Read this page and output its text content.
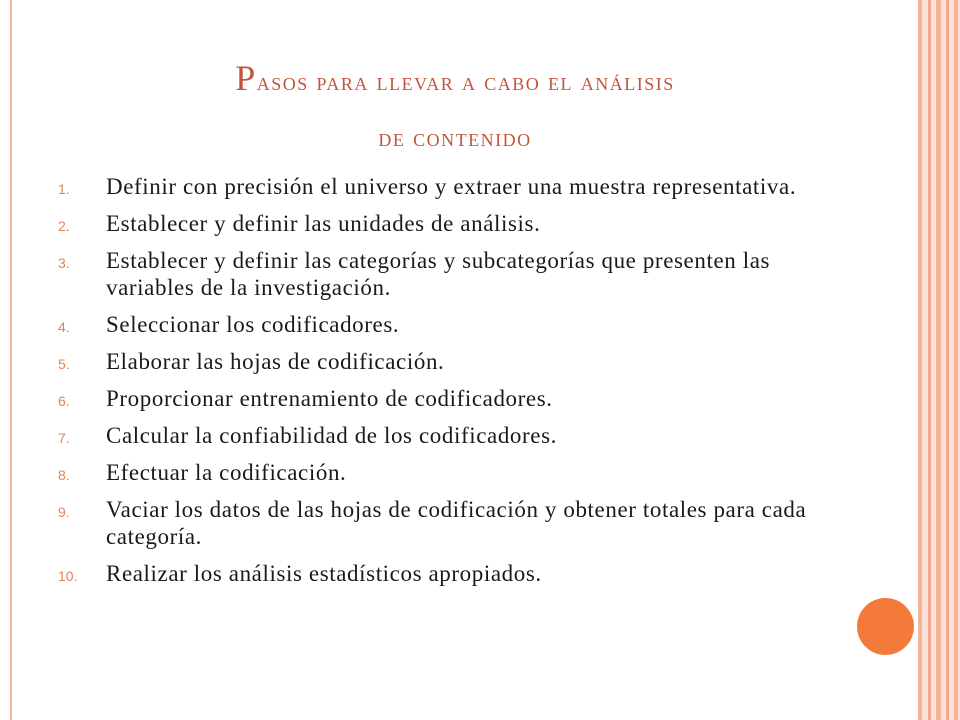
Pasos para llevar a cabo el análisis
de contenido
1.	Definir con precisión el universo y extraer una muestra representativa.
2.	Establecer y definir las unidades de análisis.
3.	Establecer y definir las categorías y subcategorías que presenten las variables de la investigación.
4.	Seleccionar los codificadores.
5.	Elaborar las hojas de codificación.
6.	Proporcionar entrenamiento de codificadores.
7.	Calcular la confiabilidad de los codificadores.
8.	Efectuar la codificación.
9.	Vaciar los datos de las hojas de codificación y obtener totales para cada categoría.
10.	Realizar los análisis estadísticos apropiados.
